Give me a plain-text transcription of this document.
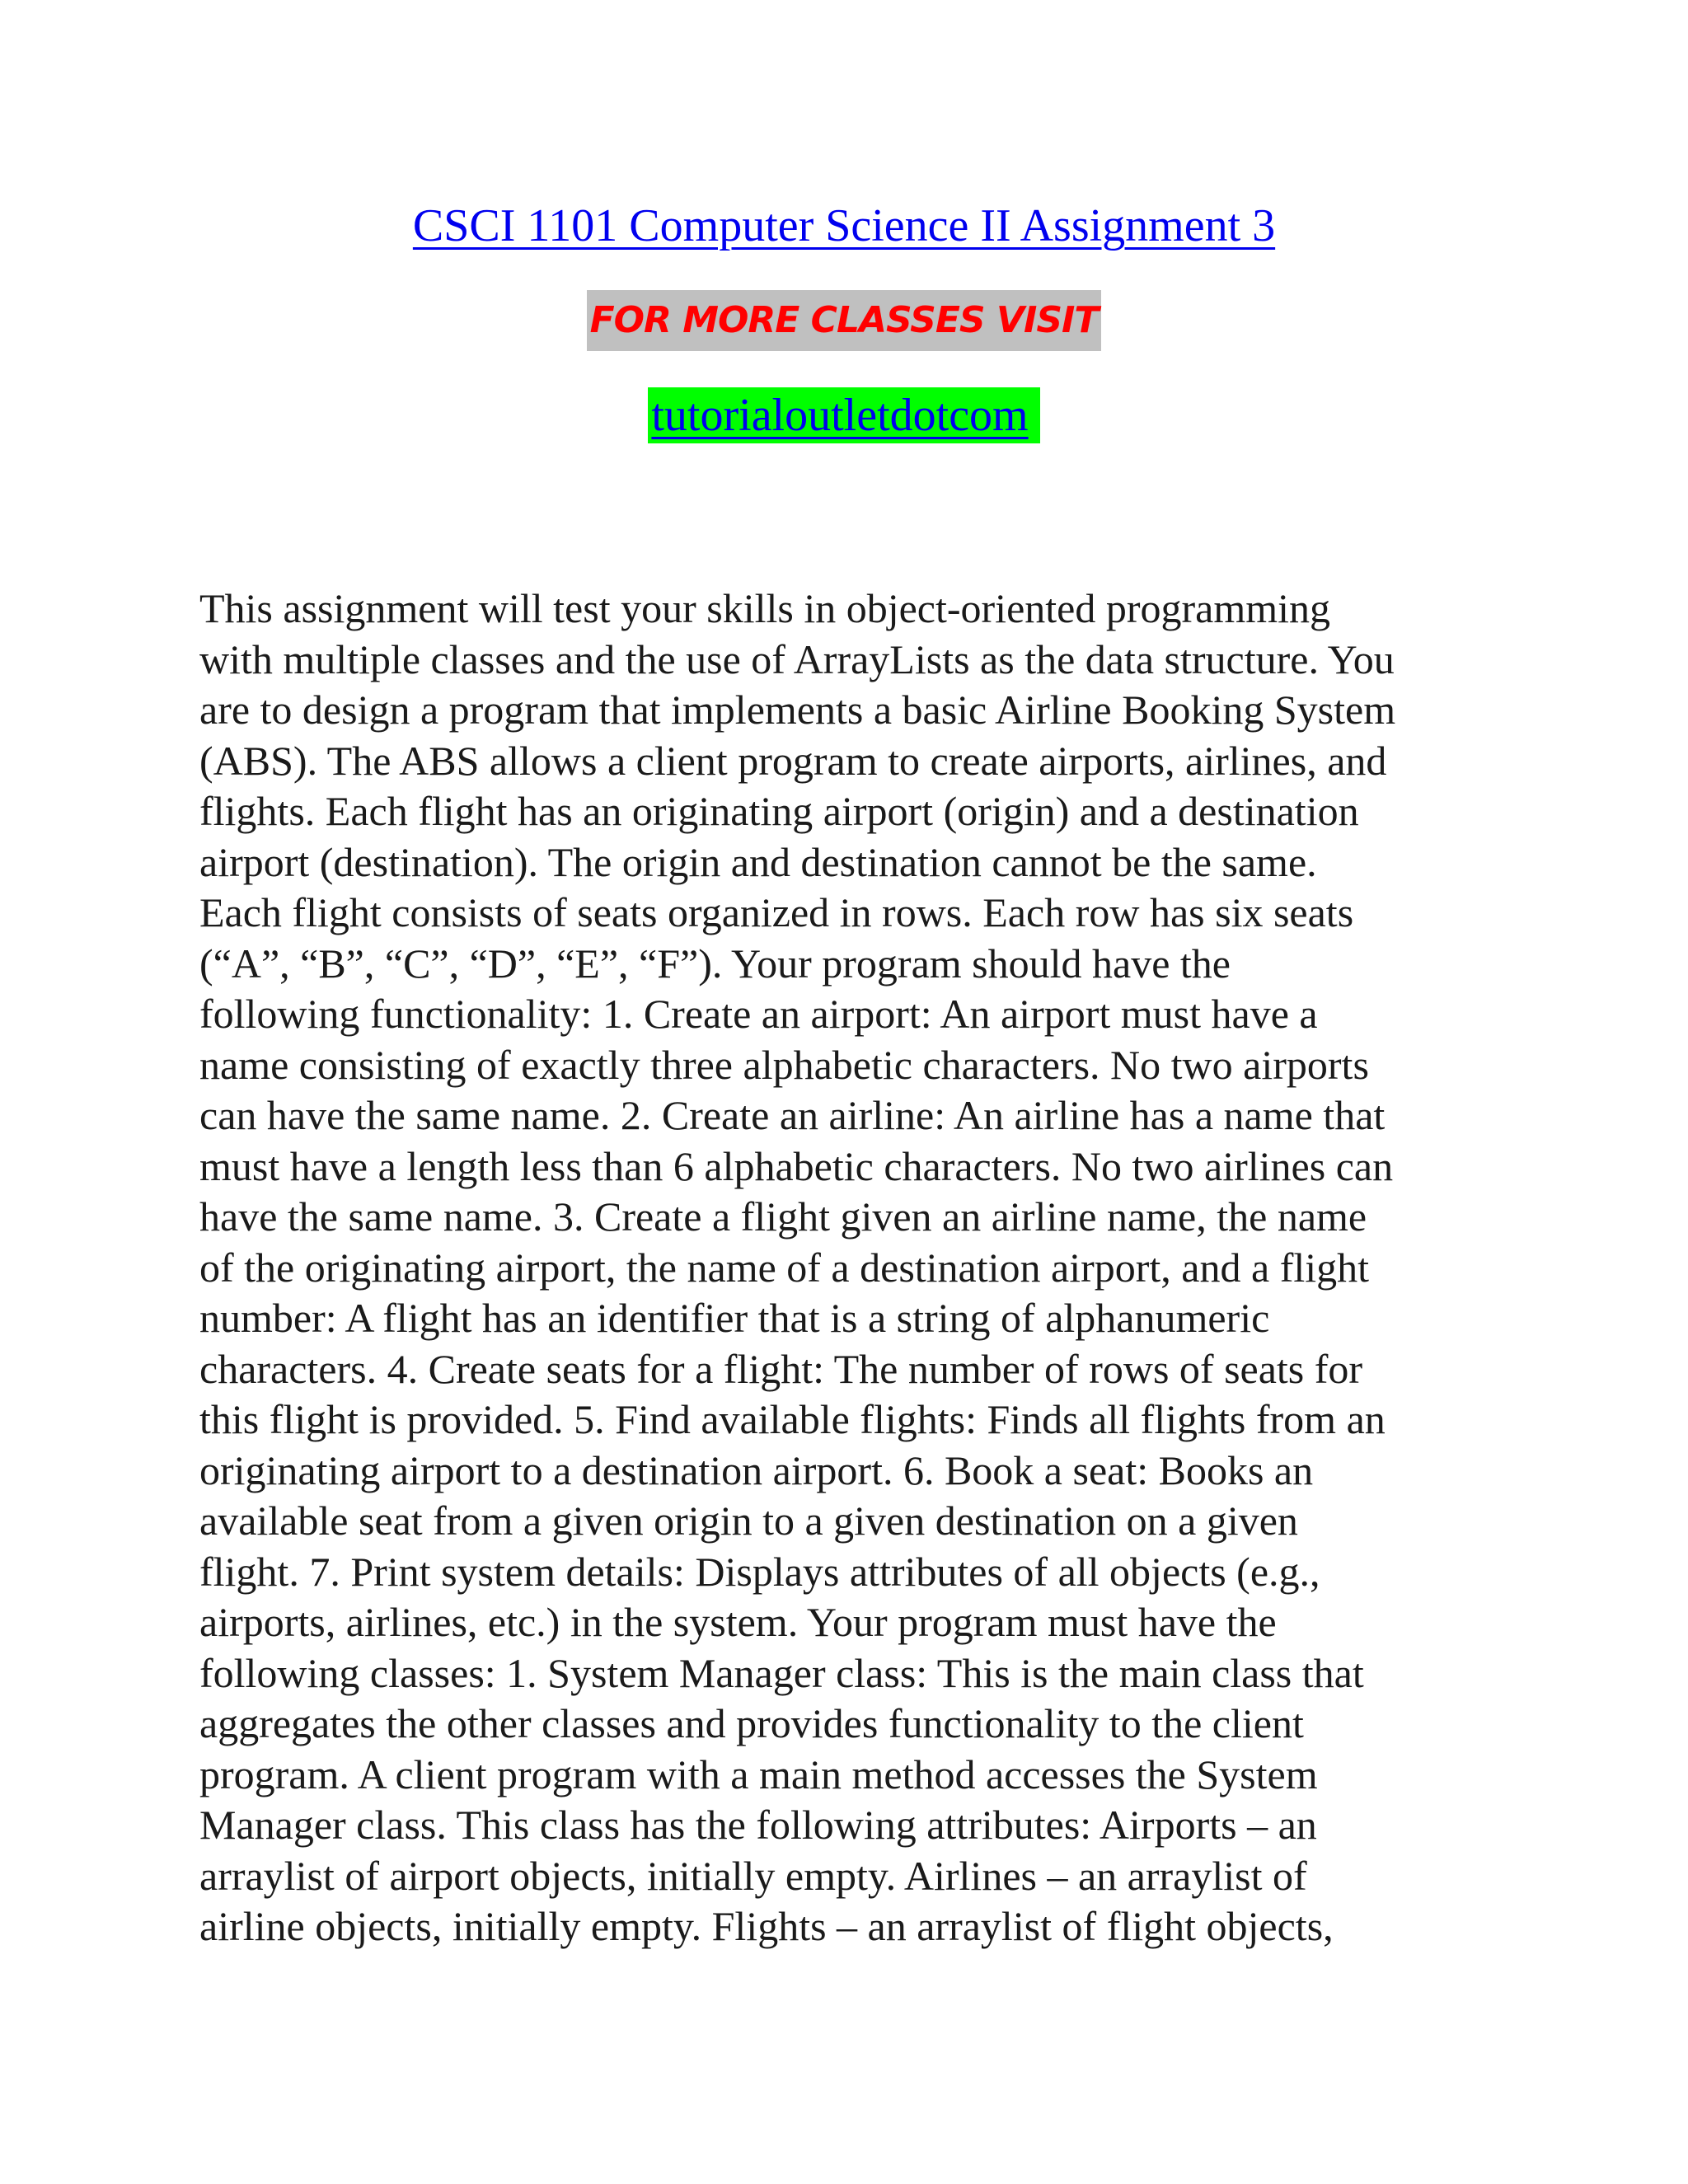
CSCI 1101 Computer Science II Assignment 3
FOR MORE CLASSES VISIT
tutorialoutletdotcom
This assignment will test your skills in object-oriented programming
with multiple classes and the use of ArrayLists as the data structure. You
are to design a program that implements a basic Airline Booking System
(ABS). The ABS allows a client program to create airports, airlines, and
flights. Each flight has an originating airport (origin) and a destination
airport (destination). The origin and destination cannot be the same.
Each flight consists of seats organized in rows. Each row has six seats
(“A”, “B”, “C”, “D”, “E”, “F”). Your program should have the
following functionality: 1. Create an airport: An airport must have a
name consisting of exactly three alphabetic characters. No two airports
can have the same name. 2. Create an airline: An airline has a name that
must have a length less than 6 alphabetic characters. No two airlines can
have the same name. 3. Create a flight given an airline name, the name
of the originating airport, the name of a destination airport, and a flight
number: A flight has an identifier that is a string of alphanumeric
characters. 4. Create seats for a flight: The number of rows of seats for
this flight is provided. 5. Find available flights: Finds all flights from an
originating airport to a destination airport. 6. Book a seat: Books an
available seat from a given origin to a given destination on a given
flight. 7. Print system details: Displays attributes of all objects (e.g.,
airports, airlines, etc.) in the system. Your program must have the
following classes: 1. System Manager class: This is the main class that
aggregates the other classes and provides functionality to the client
program. A client program with a main method accesses the System
Manager class. This class has the following attributes: Airports – an
arraylist of airport objects, initially empty. Airlines – an arraylist of
airline objects, initially empty. Flights – an arraylist of flight objects,
